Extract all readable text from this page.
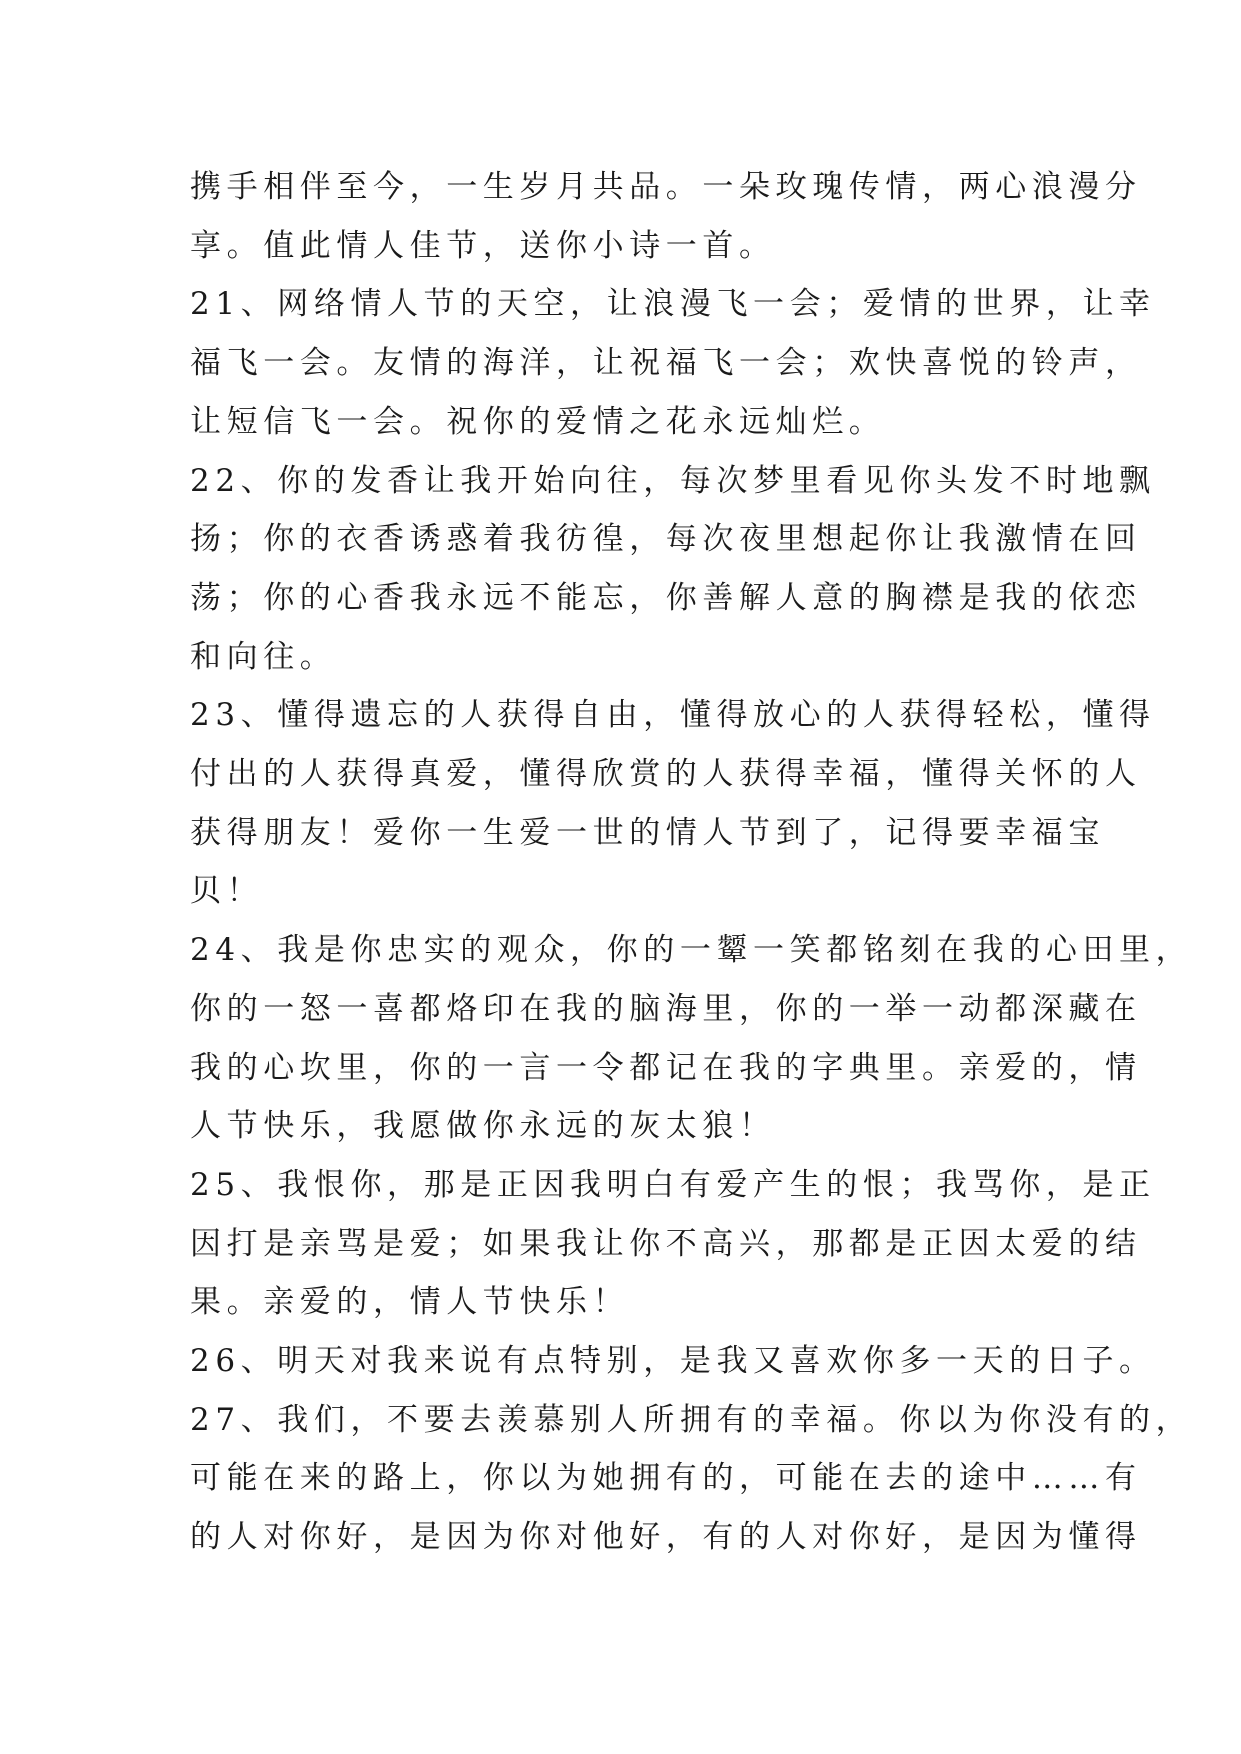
携手相伴至今，一生岁月共品。一朵玫瑰传情，两心浪漫分
享。值此情人佳节，送你小诗一首。
21、网络情人节的天空，让浪漫飞一会；爱情的世界，让幸
福飞一会。友情的海洋，让祝福飞一会；欢快喜悦的铃声，
让短信飞一会。祝你的爱情之花永远灿烂。
22、你的发香让我开始向往，每次梦里看见你头发不时地飘
扬；你的衣香诱惑着我彷徨，每次夜里想起你让我激情在回
荡；你的心香我永远不能忘，你善解人意的胸襟是我的依恋
和向往。
23、懂得遗忘的人获得自由，懂得放心的人获得轻松，懂得
付出的人获得真爱，懂得欣赏的人获得幸福，懂得关怀的人
获得朋友！爱你一生爱一世的情人节到了，记得要幸福宝
贝！
24、我是你忠实的观众，你的一颦一笑都铭刻在我的心田里，
你的一怒一喜都烙印在我的脑海里，你的一举一动都深藏在
我的心坎里，你的一言一令都记在我的字典里。亲爱的，情
人节快乐，我愿做你永远的灰太狼！
25、我恨你，那是正因我明白有爱产生的恨；我骂你，是正
因打是亲骂是爱；如果我让你不高兴，那都是正因太爱的结
果。亲爱的，情人节快乐！
26、明天对我来说有点特别，是我又喜欢你多一天的日子。
27、我们，不要去羡慕别人所拥有的幸福。你以为你没有的，
可能在来的路上，你以为她拥有的，可能在去的途中……有
的人对你好，是因为你对他好，有的人对你好，是因为懂得
